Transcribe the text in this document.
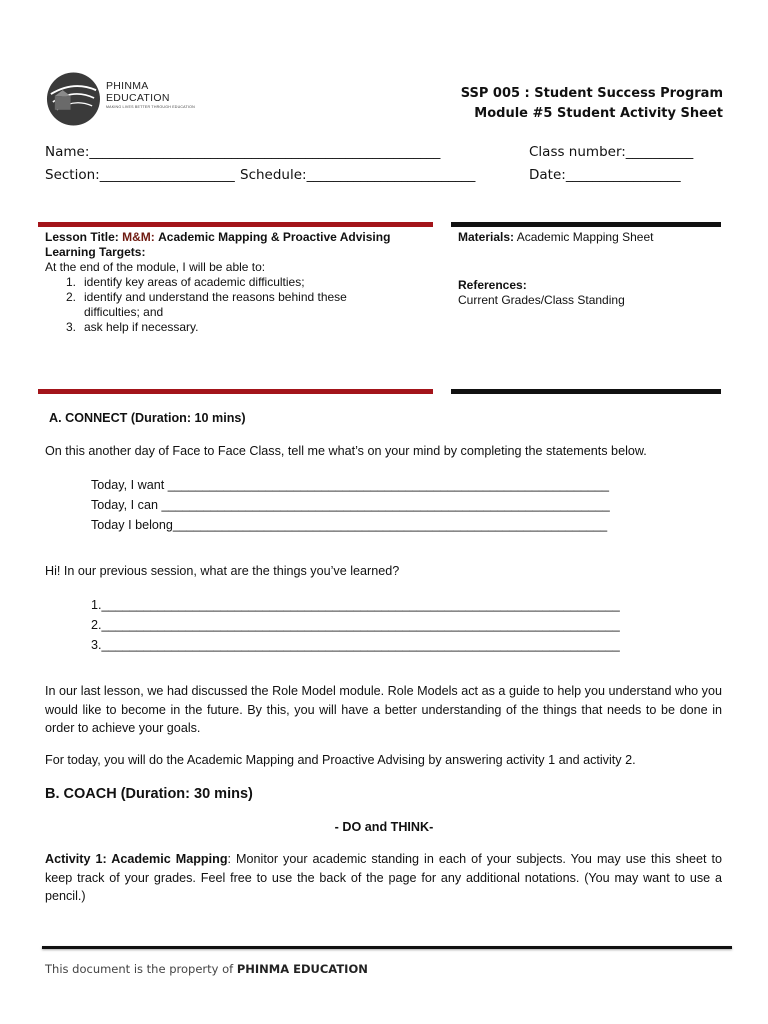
PHINMA EDUCATION
MAKING LIVES BETTER THROUGH EDUCATION
SSP 005 : Student Success Program
Module #5 Student Activity Sheet
Name:____________________________________________________	Class number:__________
Section:____________________ Schedule:_________________________	Date:_________________
Lesson Title: M&M: Academic Mapping & Proactive Advising
Learning Targets:
At the end of the module, I will be able to:
1. identify key areas of academic difficulties;
2. identify and understand the reasons behind these difficulties; and
3. ask help if necessary.
Materials: Academic Mapping Sheet
References:
Current Grades/Class Standing
A. CONNECT (Duration: 10 mins)
On this another day of Face to Face Class, tell me what’s on your mind by completing the statements below.
Today, I want _______________________________________________________________
Today, I can ________________________________________________________________
Today I belong______________________________________________________________
Hi! In our previous session, what are the things you’ve learned?
1.__________________________________________________________________________
2.__________________________________________________________________________
3.__________________________________________________________________________
In our last lesson, we had discussed the Role Model module. Role Models act as a guide to help you understand who you would like to become in the future. By this, you will have a better understanding of the things that needs to be done in order to achieve your goals.
For today, you will do the Academic Mapping and Proactive Advising by answering activity 1 and activity 2.
B. COACH (Duration: 30 mins)
- DO and THINK-
Activity 1: Academic Mapping: Monitor your academic standing in each of your subjects. You may use this sheet to keep track of your grades. Feel free to use the back of the page for any additional notations. (You may want to use a pencil.)
This document is the property of PHINMA EDUCATION
